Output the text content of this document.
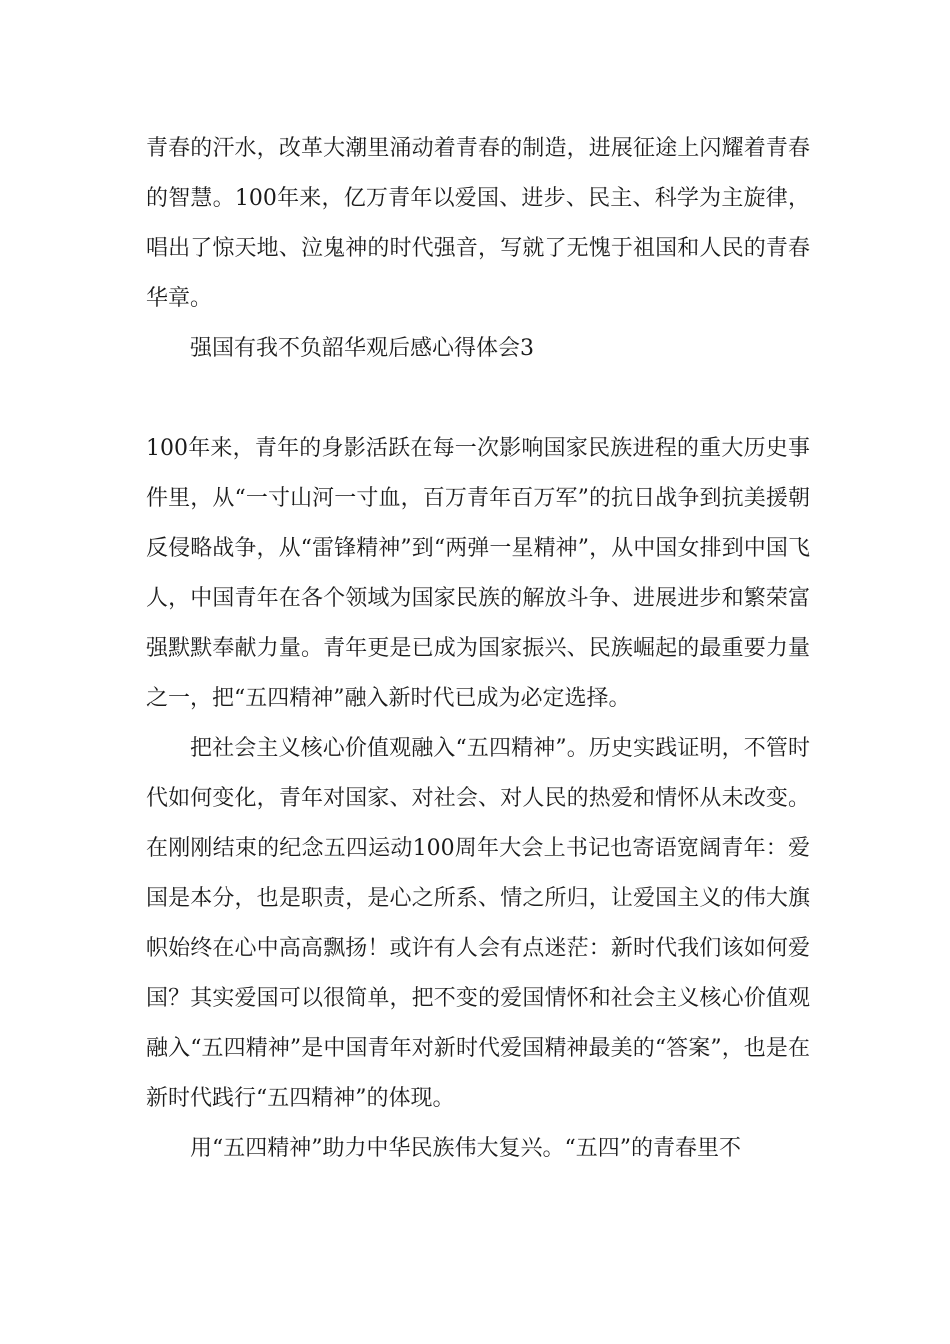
青春的汗水，改革大潮里涌动着青春的制造，进展征途上闪耀着青春的智慧。100年来，亿万青年以爱国、进步、民主、科学为主旋律，唱出了惊天地、泣鬼神的时代强音，写就了无愧于祖国和人民的青春华章。

强国有我不负韶华观后感心得体会3

100年来，青年的身影活跃在每一次影响国家民族进程的重大历史事件里，从“一寸山河一寸血，百万青年百万军”的抗日战争到抗美援朝反侵略战争，从“雷锋精神”到“两弹一星精神”，从中国女排到中国飞人，中国青年在各个领域为国家民族的解放斗争、进展进步和繁荣富强默默奉献力量。青年更是已成为国家振兴、民族崛起的最重要力量之一，把“五四精神”融入新时代已成为必定选择。

把社会主义核心价值观融入“五四精神”。历史实践证明，不管时代如何变化，青年对国家、对社会、对人民的热爱和情怀从未改变。在刚刚结束的纪念五四运动100周年大会上书记也寄语宽阔青年：爱国是本分，也是职责，是心之所系、情之所归，让爱国主义的伟大旗帜始终在心中高高飘扬！或许有人会有点迷茫：新时代我们该如何爱国？其实爱国可以很简单，把不变的爱国情怀和社会主义核心价值观融入“五四精神”是中国青年对新时代爱国精神最美的“答案”，也是在新时代践行“五四精神”的体现。

用“五四精神”助力中华民族伟大复兴。“五四”的青春里不
